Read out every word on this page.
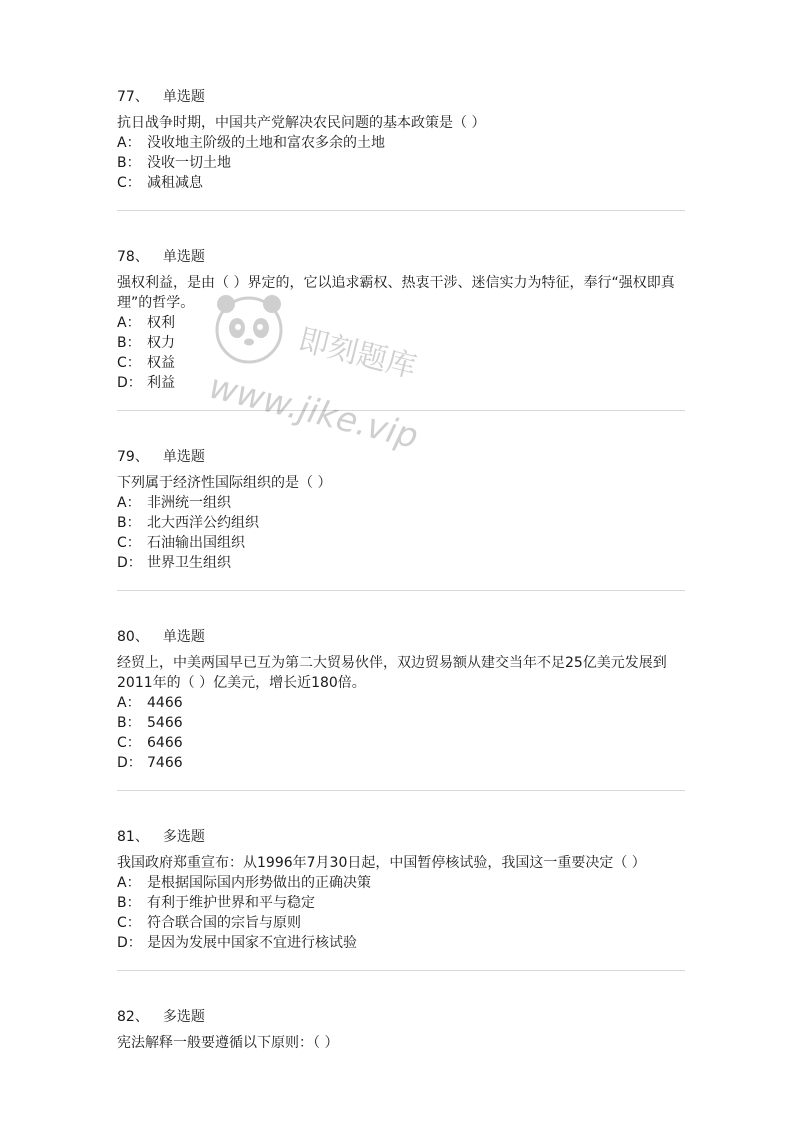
77、 单选题
抗日战争时期，中国共产党解决农民问题的基本政策是（ ）
A： 没收地主阶级的土地和富农多余的土地
B： 没收一切土地
C： 减租减息
78、 单选题
强权利益，是由（ ）界定的，它以追求霸权、热衷干涉、迷信实力为特征，奉行“强权即真理”的哲学。
A： 权利
B： 权力
C： 权益
D： 利益
79、 单选题
下列属于经济性国际组织的是（ ）
A： 非洲统一组织
B： 北大西洋公约组织
C： 石油输出国组织
D： 世界卫生组织
80、 单选题
经贸上，中美两国早已互为第二大贸易伙伴，双边贸易额从建交当年不足25亿美元发展到2011年的（ ）亿美元，增长近180倍。
A： 4466
B： 5466
C： 6466
D： 7466
81、 多选题
我国政府郑重宣布：从1996年7月30日起，中国暂停核试验，我国这一重要决定（ ）
A： 是根据国际国内形势做出的正确决策
B： 有利于维护世界和平与稳定
C： 符合联合国的宗旨与原则
D： 是因为发展中国家不宜进行核试验
82、 多选题
宪法解释一般要遵循以下原则：（ ）
即刻题库
www.jike.vip
